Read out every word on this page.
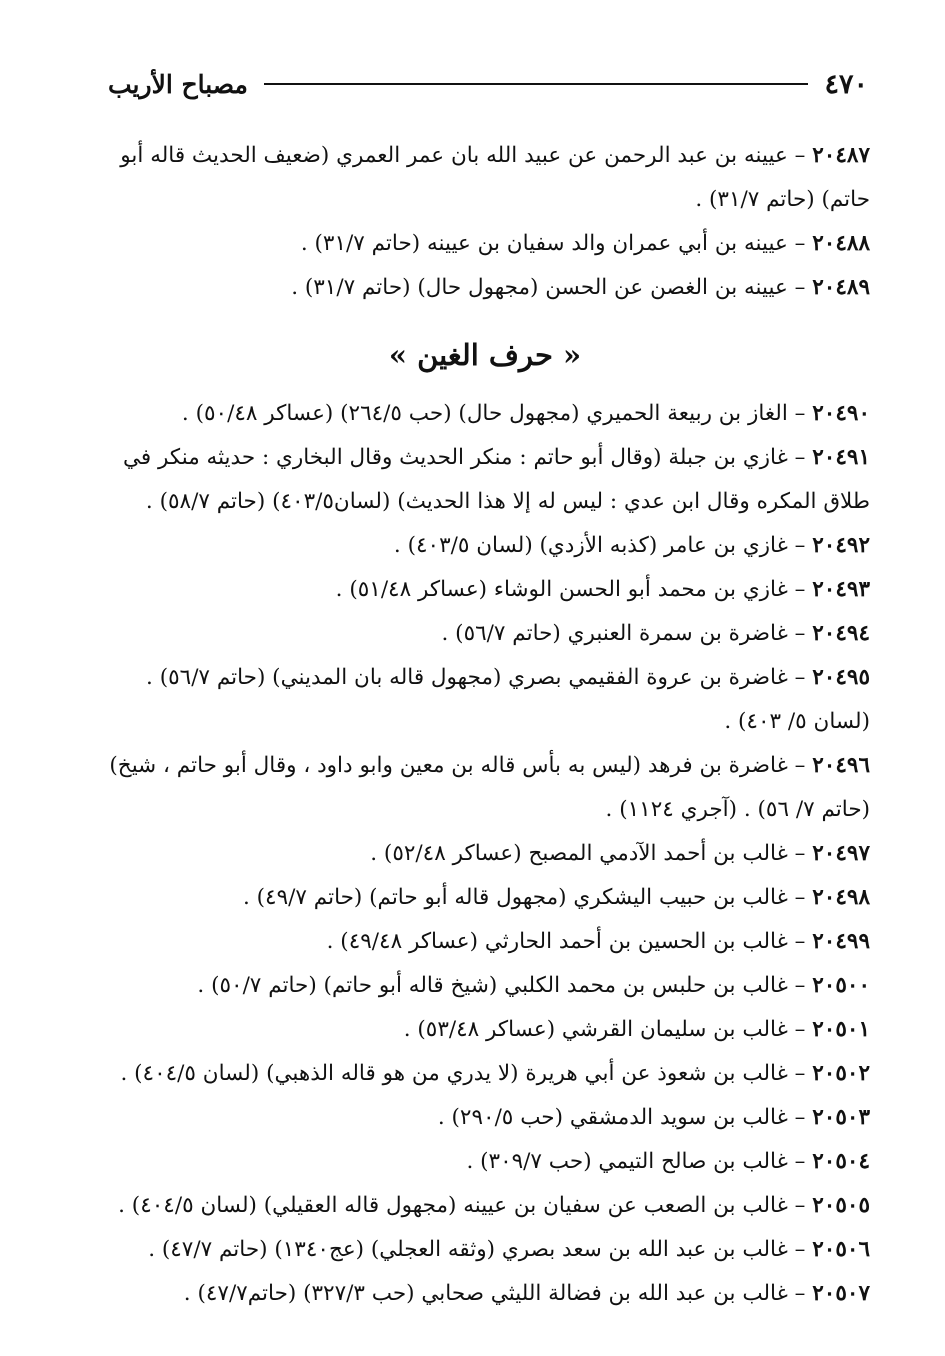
٤٧٠
مصباح الأريب
٢٠٤٨٧ – عيينه بن عبد الرحمن عن عبيد الله بان عمر العمري (ضعيف الحديث قاله أبو حاتم) (حاتم ٣١/٧) .
٢٠٤٨٨ – عيينه بن أبي عمران والد سفيان بن عيينه (حاتم ٣١/٧) .
٢٠٤٨٩ – عيينه بن الغصن عن الحسن (مجهول حال) (حاتم ٣١/٧) .
« حرف الغين »
٢٠٤٩٠ – الغاز بن ربيعة الحميري (مجهول حال) (حب ٢٦٤/٥) (عساكر ٥٠/٤٨) .
٢٠٤٩١ – غازي بن جبلة (وقال أبو حاتم : منكر الحديث وقال البخاري : حديثه منكر في طلاق المكره وقال ابن عدي : ليس له إلا هذا الحديث) (لسان٤٠٣/٥) (حاتم ٥٨/٧) .
٢٠٤٩٢ – غازي بن عامر (كذبه الأزدي) (لسان ٤٠٣/٥) .
٢٠٤٩٣ – غازي بن محمد أبو الحسن الوشاء (عساكر ٥١/٤٨) .
٢٠٤٩٤ – غاضرة بن سمرة العنبري (حاتم ٥٦/٧) .
٢٠٤٩٥ – غاضرة بن عروة الفقيمي بصري (مجهول قاله بان المديني) (حاتم ٥٦/٧) . (لسان ٥/ ٤٠٣) .
٢٠٤٩٦ – غاضرة بن فرهد (ليس به بأس قاله بن معين وابو داود ، وقال أبو حاتم ، شيخ) (حاتم ٧/ ٥٦) . (آجري ١١٢٤) .
٢٠٤٩٧ – غالب بن أحمد الآدمي المصبح (عساكر ٥٢/٤٨) .
٢٠٤٩٨ – غالب بن حبيب اليشكري (مجهول قاله أبو حاتم) (حاتم ٤٩/٧) .
٢٠٤٩٩ – غالب بن الحسين بن أحمد الحارثي (عساكر ٤٩/٤٨) .
٢٠٥٠٠ – غالب بن حلبس بن محمد الكلبي (شيخ قاله أبو حاتم) (حاتم ٥٠/٧) .
٢٠٥٠١ – غالب بن سليمان القرشي (عساكر ٥٣/٤٨) .
٢٠٥٠٢ – غالب بن شعوذ عن أبي هريرة (لا يدري من هو قاله الذهبي) (لسان ٤٠٤/٥) .
٢٠٥٠٣ – غالب بن سويد الدمشقي (حب ٢٩٠/٥) .
٢٠٥٠٤ – غالب بن صالح التيمي (حب ٣٠٩/٧) .
٢٠٥٠٥ – غالب بن الصعب عن سفيان بن عيينه (مجهول قاله العقيلي) (لسان ٤٠٤/٥) .
٢٠٥٠٦ – غالب بن عبد الله بن سعد بصري (وثقه العجلي) (عج١٣٤٠) (حاتم ٤٧/٧) .
٢٠٥٠٧ – غالب بن عبد الله بن فضالة الليثي صحابي (حب ٣٢٧/٣) (حاتم٤٧/٧) .
